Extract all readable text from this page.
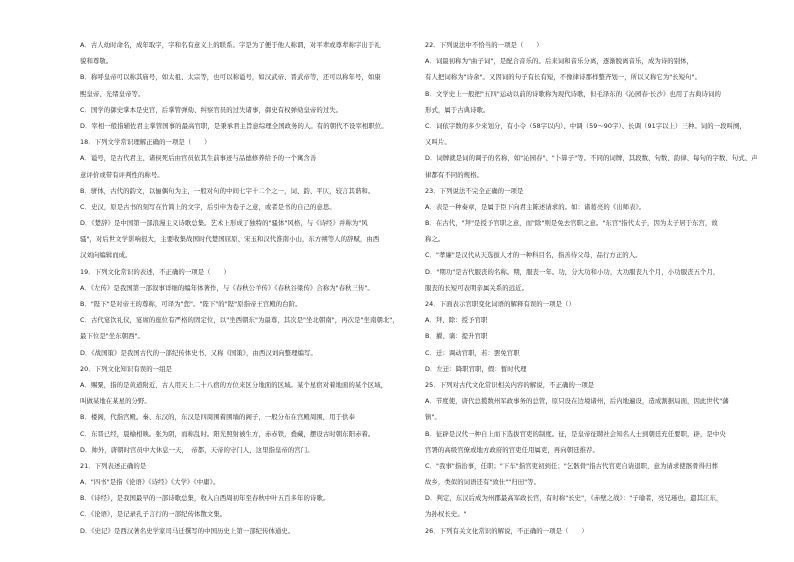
A．古人幼时命名，成年取字，字和名有意义上的联系。字是为了便于他人称谓，对平辈或尊辈称字出于礼
貌和尊敬。
B．称呼皇帝可以称其庙号，如太祖、太宗等，也可以称谥号，如汉武帝、晋武帝等，还可以称年号，如康
熙皇帝、光绪皇帝等。
C．国学的御史掌本是史官，后掌管弹劾、纠察官员的过失诸事，御史有权弹劾皇帝的过失。
D．宰相一般指辅佐君主掌管国事的最高官职，是秉承君主旨意综理全国政务的人。有的朝代不设宰相职位。
18．下列文学常识理解正确的一项是（　　）
A．谥号，是古代君主、诸侯死后由官员依其生前事迹与品德修养给予的一个寓含善
意评价或带有评判性的称号。
B．骈体，古代的韵文，以俪偶句为主，一般对句的中间七字十二个之一，词、韵、平仄，较言其谐和。
C．史汉，原是古书的刻写在竹简上的文字，后引申为卷子之意，或者是书的自己的意思。
D．《楚辞》是中国第一部浪漫主义诗歌总集。艺术上形成了独特的"骚体"风格，与《诗经》并称为"风
骚"，对后世文学影响很大，主要收集战国时代楚国屈原、宋玉和汉代淮南小山，东方朔等人的辞赋，由西
汉刘向编辑而成。
19．下列文化常识的表述，不正确的一项是（　　）
A．《左传》是我国第一部叙事详细的编年体著作，与《春秋公羊传》《春秋谷梁传》合称为"春秋三传"。
B．"陛下"是对帝王的尊称，可译为"您"。"陛下"的"陛"原指帝王宫殿的台阶。
C．古代宴饮礼仪，宴席的座位有严格的固定位，以"坐西朝东"为最尊，其次是"坐北朝南"，再次是"坐南朝北"，
最下位是"坐东朝西"。
D．《战国策》是我国古代的一部纪传体史书，又称《国策》，由西汉刘向整理编写。
20．下列文化知识有误的一组是
A．赐粟，指的是黄道附近，古人用天上二十八宿的方位来区分地面的区域。某个星宿对着地面的某个区域，
叫做某地在某星的分野。
B．楼阁，代指宫殿。秦、东汉的，东汉是四周围着围墙的阁子，一般分布在宫殿周围，用于供奉
C．东晋已经，晨榆相映。张为阴，而称乱时。阳光照射被生方，赤赤铁，叠藏，摆设古时朝东阳赤着。
D．帅外，唐朝时宫员中大休息一天，　帝都，天帝的守门人，这里指皇帝的宫门。
21．下列表述正确的是
A．"四书"是指《论语》《诗经》《大学》《中庸》。
B．《诗经》，是我国最早的一部诗歌总集，收入自西周初年至春秋中叶五百多年的诗歌。
C．《论语》，是记录孔子言行的一部纪传体散文集。
D．《史记》是西汉著名史学家司马迁撰写的中国历史上第一部纪传体通史。
22．下列说法中不恰当的一项是（　　）
A．词最初称为"曲子词"，是配合音乐的。后来词和音乐分离，逐渐脱离音乐，成为诗的别体，
有人把词称为"诗余"。又因词的句子有长有短，不像律诗那样整齐划一，所以又称它为"长短句"。
B．文学史上一般把"五四"运动以前的诗歌称为现代诗歌，但毛泽东的《沁园春·长沙》也用了古典诗词的
形式，属于古典诗歌。
C．词依字数的多少来划分，有小令（58字以内）、中调（59～90字）、长调（91字以上）三种。词的一段叫阕，
又叫片。
D．词牌就是词的调子的名称，如"沁园春"、"卜算子"等。不同的词牌，其段数、句数、韵律、每句的字数、句式、声
律都有不同的规格。
23．下列说法不完全正确的一项是
A．表是一种奏章，是属于臣下向君主陈述请求的。如：诸葛亮的《出师表》。
B．在古代，"拜"是授予官职之意，而"除"则是免去官职之意。"东宫"指代太子，因为太子居于东宫，故
称之。
C．"孝廉"是汉代从天选拔人才的一种科目名，指善待父母，品行方正的人。
D．"期功"是古代服丧的名称。期，服丧一年。功，分大功和小功，大功服丧九个月，小功服丧五个月，
服丧的长短可表明亲属关系的远近。
24．下面表示官职变化词语的解释有误的一项是（）
A．拜、除：授予官职
B．擢、谪：提升官职
C．迁：调动官职，若：罢免官职
D．左迁：降职官职，假：暂时代理
25．下列对古代文化常识相关内容的解说，不正确的一项是
A．节度使，唐代总揽数州军政事务的总管，原只设在边境诸州，后内地遍设，造成割据局面，因此世代"藩
镇"。
B．征辟是汉代一种自上而下选拔官吏的制度。征，是皇帝征聘社会知名人士到朝廷充任要职，辟，是中央
官署的高级官僚或地方政府的官吏任用属吏，再向朝廷推荐。
C．"我事"指治事，任职；"下车"指官吏初到任；"乞骸骨"指古代官吏自请退职，意为请求使骸骨得归葬
故乡，类似的词语还有"致仕""归田"等。
D．判定，东汉后成为州郡最高军政长官，有时称"长史"，《赤壁之战》："子瑜者，亮兄瑾也，遣其江东，
为孙权长史。"
26．下列有关文化常识的解说，不正确的一项是（　　）
